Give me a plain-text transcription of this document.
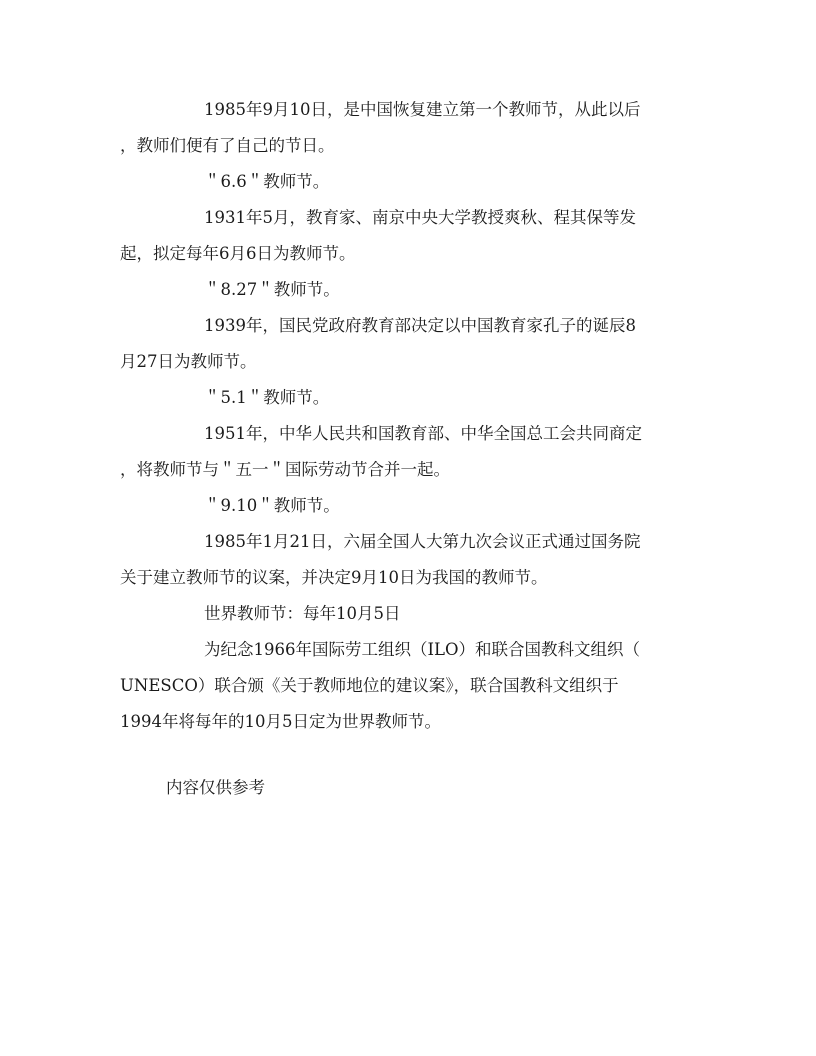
1985年9月10日，是中国恢复建立第一个教师节，从此以后
，教师们便有了自己的节日。

＂6.6＂教师节。

1931年5月，教育家、南京中央大学教授爽秋、程其保等发
起，拟定每年6月6日为教师节。

＂8.27＂教师节。

1939年，国民党政府教育部决定以中国教育家孔子的诞辰8
月27日为教师节。

＂5.1＂教师节。

1951年，中华人民共和国教育部、中华全国总工会共同商定
，将教师节与＂五一＂国际劳动节合并一起。

＂9.10＂教师节。

1985年1月21日，六届全国人大第九次会议正式通过国务院
关于建立教师节的议案，并决定9月10日为我国的教师节。

世界教师节：每年10月5日

为纪念1966年国际劳工组织（ILO）和联合国教科文组织（
UNESCO）联合颁《关于教师地位的建议案》，联合国教科文组织于
1994年将每年的10月5日定为世界教师节。

内容仅供参考
